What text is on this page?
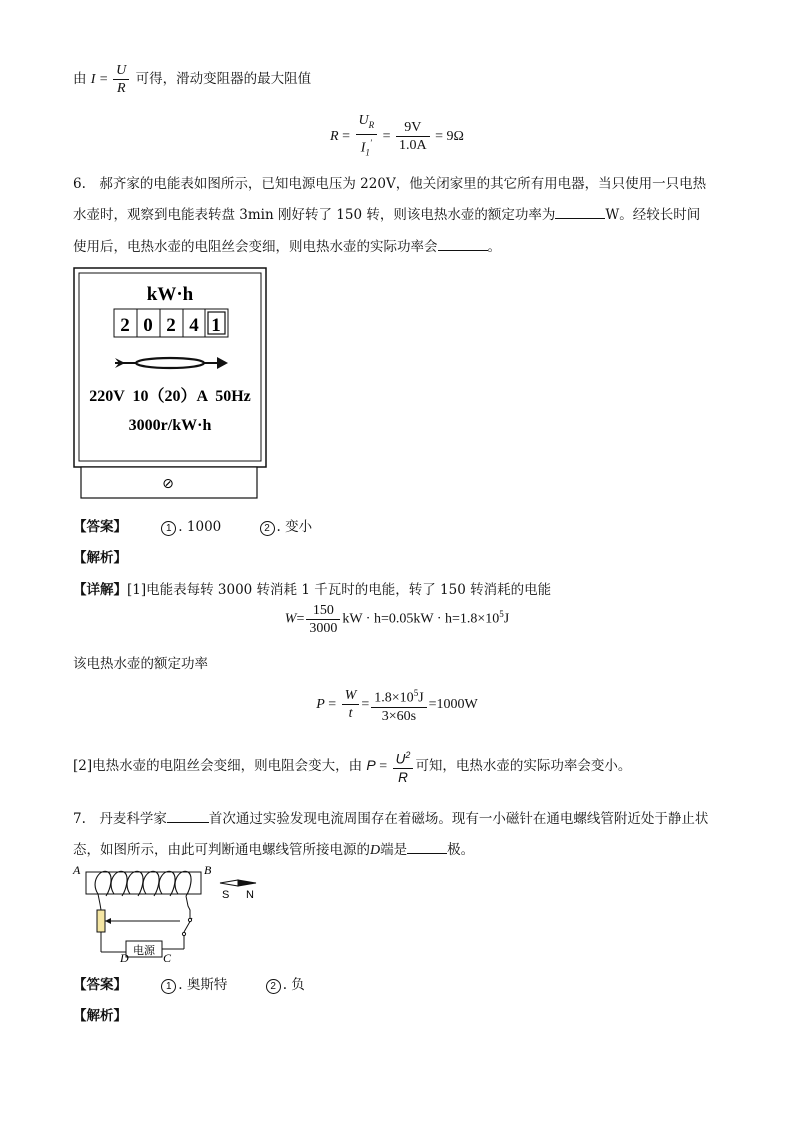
由 $I = \frac{U}{R}$ 可得，滑动变阻器的最大阻值
$R = \frac{U_R}{I_1'} = \frac{9V}{1.0A} = 9\Omega$
6.　郝齐家的电能表如图所示，已知电源电压为 220V，他关闭家里的其它所有用电器，当只使用一只电热
水壶时，观察到电能表转盘 3min 刚好转了 150 转，则该电热水壶的额定功率为	W。经较长时间
使用后，电热水壶的电阻丝会变细，则电热水壶的实际功率会	。
kW·h
2 0 2 4 1
220V  10（20）A  50Hz
3000r/kW·h
⊘
【答案】	1 . 1000	2 . 变小
【解析】
【详解】[1]电能表每转 3000 转消耗 1 千瓦时的电能，转了 150 转消耗的电能
$W= \frac{150}{3000}$ kW · $h=0.05kW \cdot h=1.8\times 10^5J$
该电热水壶的额定功率
$P = \frac{W}{t} = \frac{1.8\times 10^5J}{3\times 60s} =1000W$
[2]电热水壶的电阻丝会变细，则电阻会变大，由 $P = \frac{U^2}{R}$ 可知，电热水壶的实际功率会变小。
7.　丹麦科学家	首次通过实验发现电流周围存在着磁场。现有一小磁针在通电螺线管附近处于静止状
态，如图所示，由此可判断通电螺线管所接电源的D端是	极。
电源
A	B
D	C
S N
【答案】	1 . 奥斯特	2 . 负
【解析】
